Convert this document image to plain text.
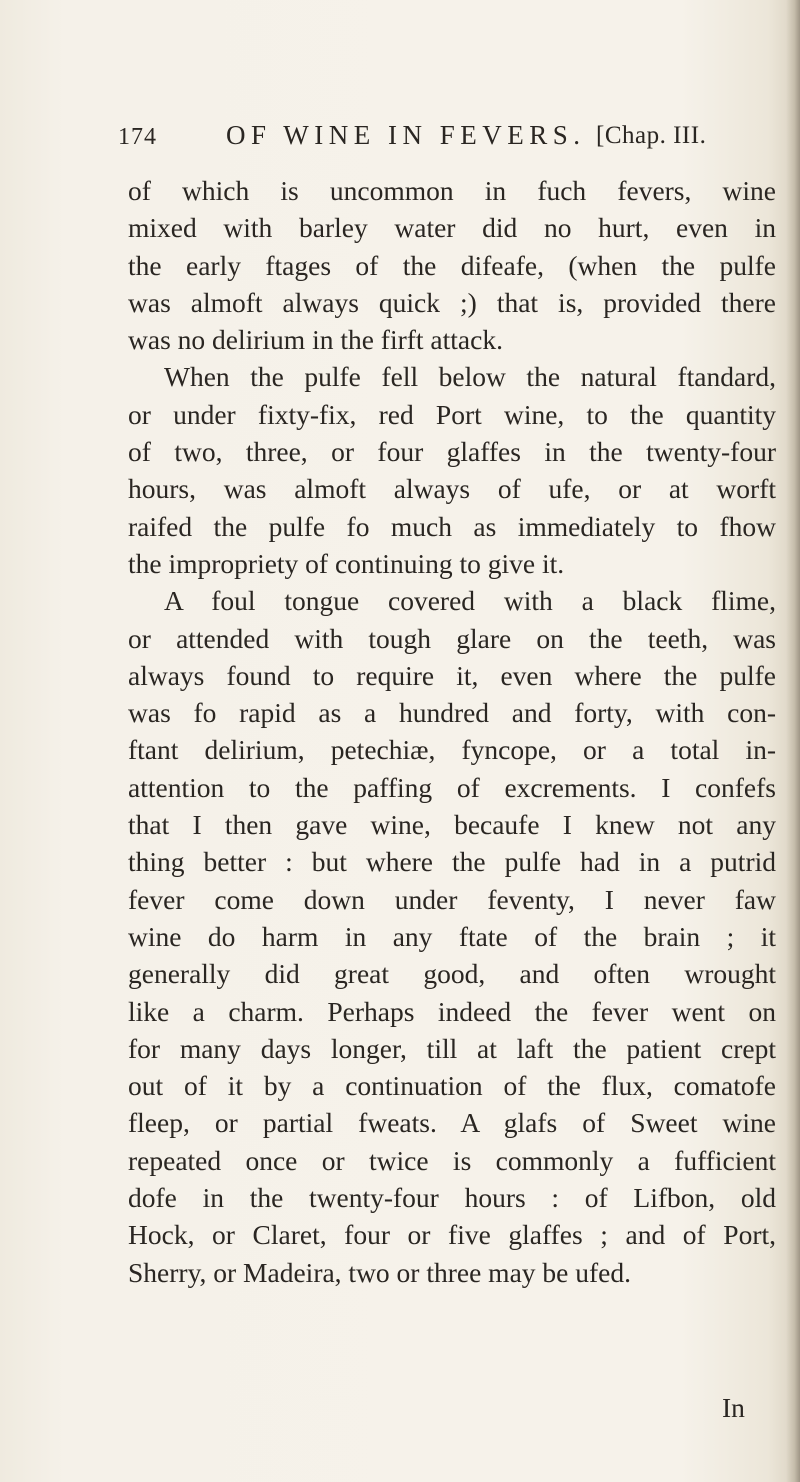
174	OF WINE IN FEVERS. [Chap. III.
of which is uncommon in fuch fevers, wine
mixed with barley water did no hurt, even in
the early ftages of the difeafe, (when the pulfe
was almoft always quick ;) that is, provided there
was no delirium in the firft attack.
When the pulfe fell below the natural ftandard,
or under fixty-fix, red Port wine, to the quantity
of two, three, or four glaffes in the twenty-four
hours, was almoft always of ufe, or at worft
raifed the pulfe fo much as immediately to fhow
the impropriety of continuing to give it.
A foul tongue covered with a black flime,
or attended with tough glare on the teeth, was
always found to require it, even where the pulfe
was fo rapid as a hundred and forty, with con-
ftant delirium, petechiæ, fyncope, or a total in-
attention to the paffing of excrements. I confefs
that I then gave wine, becaufe I knew not any
thing better : but where the pulfe had in a putrid
fever come down under feventy, I never faw
wine do harm in any ftate of the brain ; it
generally did great good, and often wrought
like a charm. Perhaps indeed the fever went on
for many days longer, till at laft the patient crept
out of it by a continuation of the flux, comatofe
fleep, or partial fweats. A glafs of Sweet wine
repeated once or twice is commonly a fufficient
dofe in the twenty-four hours : of Lifbon, old
Hock, or Claret, four or five glaffes ; and of Port,
Sherry, or Madeira, two or three may be ufed.
In
